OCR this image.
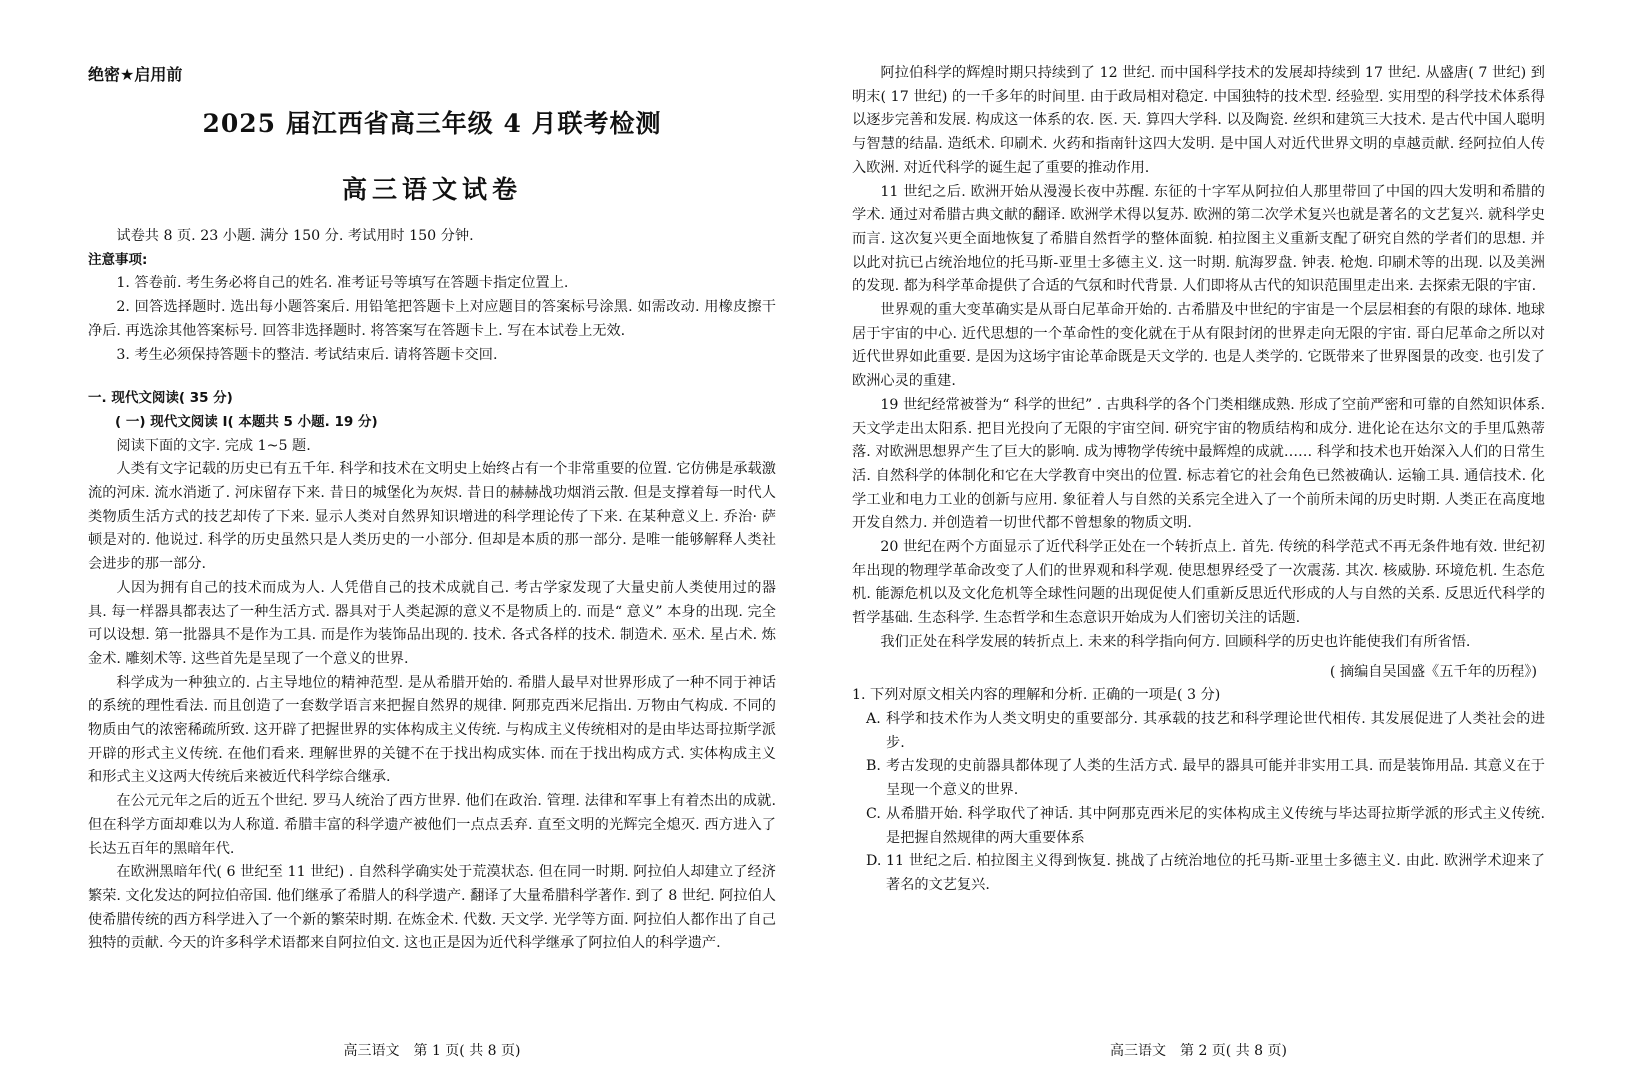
绝密★启用前
2025 届江西省高三年级 4 月联考检测
高三语文试卷

试卷共 8 页. 23 小题. 满分 150 分. 考试用时 150 分钟.

注意事项:

1. 答卷前. 考生务必将自己的姓名. 准考证号等填写在答题卡指定位置上.

2. 回答选择题时. 选出每小题答案后. 用铅笔把答题卡上对应题目的答案标号涂黑. 如需改动. 用橡皮擦干净后. 再选涂其他答案标号. 回答非选择题时. 将答案写在答题卡上. 写在本试卷上无效.

3. 考生必须保持答题卡的整洁. 考试结束后. 请将答题卡交回.

一. 现代文阅读( 35 分)

( 一) 现代文阅读 Ⅰ( 本题共 5 小题. 19 分)

阅读下面的文字. 完成 1~5 题.

人类有文字记载的历史已有五千年. 科学和技术在文明史上始终占有一个非常重要的位置. 它仿佛是承载激流的河床. 流水消逝了. 河床留存下来. 昔日的城堡化为灰烬. 昔日的赫赫战功烟消云散. 但是支撑着每一时代人类物质生活方式的技艺却传了下来. 显示人类对自然界知识增进的科学理论传了下来. 在某种意义上. 乔治· 萨顿是对的. 他说过. 科学的历史虽然只是人类历史的一小部分. 但却是本质的那一部分. 是唯一能够解释人类社会进步的那一部分.

人因为拥有自己的技术而成为人. 人凭借自己的技术成就自己. 考古学家发现了大量史前人类使用过的器具. 每一样器具都表达了一种生活方式. 器具对于人类起源的意义不是物质上的. 而是“ 意义” 本身的出现. 完全可以设想. 第一批器具不是作为工具. 而是作为装饰品出现的. 技术. 各式各样的技术. 制造术. 巫术. 星占术. 炼金术. 雕刻术等. 这些首先是呈现了一个意义的世界.

科学成为一种独立的. 占主导地位的精神范型. 是从希腊开始的. 希腊人最早对世界形成了一种不同于神话的系统的理性看法. 而且创造了一套数学语言来把握自然界的规律. 阿那克西米尼指出. 万物由气构成. 不同的物质由气的浓密稀疏所致. 这开辟了把握世界的实体构成主义传统. 与构成主义传统相对的是由毕达哥拉斯学派开辟的形式主义传统. 在他们看来. 理解世界的关键不在于找出构成实体. 而在于找出构成方式. 实体构成主义和形式主义这两大传统后来被近代科学综合继承.

在公元元年之后的近五个世纪. 罗马人统治了西方世界. 他们在政治. 管理. 法律和军事上有着杰出的成就. 但在科学方面却难以为人称道. 希腊丰富的科学遗产被他们一点点丢弃. 直至文明的光辉完全熄灭. 西方进入了长达五百年的黑暗年代.

在欧洲黑暗年代( 6 世纪至 11 世纪) . 自然科学确实处于荒漠状态. 但在同一时期. 阿拉伯人却建立了经济繁荣. 文化发达的阿拉伯帝国. 他们继承了希腊人的科学遗产. 翻译了大量希腊科学著作. 到了 8 世纪. 阿拉伯人使希腊传统的西方科学进入了一个新的繁荣时期. 在炼金术. 代数. 天文学. 光学等方面. 阿拉伯人都作出了自己独特的贡献. 今天的许多科学术语都来自阿拉伯文. 这也正是因为近代科学继承了阿拉伯人的科学遗产.

高三语文　第 1 页( 共 8 页)

阿拉伯科学的辉煌时期只持续到了 12 世纪. 而中国科学技术的发展却持续到 17 世纪. 从盛唐( 7 世纪) 到明末( 17 世纪) 的一千多年的时间里. 由于政局相对稳定. 中国独特的技术型. 经验型. 实用型的科学技术体系得以逐步完善和发展. 构成这一体系的农. 医. 天. 算四大学科. 以及陶瓷. 丝织和建筑三大技术. 是古代中国人聪明与智慧的结晶. 造纸术. 印刷术. 火药和指南针这四大发明. 是中国人对近代世界文明的卓越贡献. 经阿拉伯人传入欧洲. 对近代科学的诞生起了重要的推动作用.

11 世纪之后. 欧洲开始从漫漫长夜中苏醒. 东征的十字军从阿拉伯人那里带回了中国的四大发明和希腊的学术. 通过对希腊古典文献的翻译. 欧洲学术得以复苏. 欧洲的第二次学术复兴也就是著名的文艺复兴. 就科学史而言. 这次复兴更全面地恢复了希腊自然哲学的整体面貌. 柏拉图主义重新支配了研究自然的学者们的思想. 并以此对抗已占统治地位的托马斯-亚里士多德主义. 这一时期. 航海罗盘. 钟表. 枪炮. 印刷术等的出现. 以及美洲的发现. 都为科学革命提供了合适的气氛和时代背景. 人们即将从古代的知识范围里走出来. 去探索无限的宇宙.

世界观的重大变革确实是从哥白尼革命开始的. 古希腊及中世纪的宇宙是一个层层相套的有限的球体. 地球居于宇宙的中心. 近代思想的一个革命性的变化就在于从有限封闭的世界走向无限的宇宙. 哥白尼革命之所以对近代世界如此重要. 是因为这场宇宙论革命既是天文学的. 也是人类学的. 它既带来了世界图景的改变. 也引发了欧洲心灵的重建.

19 世纪经常被誉为“ 科学的世纪” . 古典科学的各个门类相继成熟. 形成了空前严密和可靠的自然知识体系. 天文学走出太阳系. 把目光投向了无限的宇宙空间. 研究宇宙的物质结构和成分. 进化论在达尔文的手里瓜熟蒂落. 对欧洲思想界产生了巨大的影响. 成为博物学传统中最辉煌的成就…… 科学和技术也开始深入人们的日常生活. 自然科学的体制化和它在大学教育中突出的位置. 标志着它的社会角色已然被确认. 运输工具. 通信技术. 化学工业和电力工业的创新与应用. 象征着人与自然的关系完全进入了一个前所未闻的历史时期. 人类正在高度地开发自然力. 并创造着一切世代都不曾想象的物质文明.

20 世纪在两个方面显示了近代科学正处在一个转折点上. 首先. 传统的科学范式不再无条件地有效. 世纪初年出现的物理学革命改变了人们的世界观和科学观. 使思想界经受了一次震荡. 其次. 核威胁. 环境危机. 生态危机. 能源危机以及文化危机等全球性问题的出现促使人们重新反思近代形成的人与自然的关系. 反思近代科学的哲学基础. 生态科学. 生态哲学和生态意识开始成为人们密切关注的话题.

我们正处在科学发展的转折点上. 未来的科学指向何方. 回顾科学的历史也许能使我们有所省悟.

( 摘编自吴国盛《五千年的历程》)

1. 下列对原文相关内容的理解和分析. 正确的一项是( 3 分)

A. 科学和技术作为人类文明史的重要部分. 其承载的技艺和科学理论世代相传. 其发展促进了人类社会的进步.
B. 考古发现的史前器具都体现了人类的生活方式. 最早的器具可能并非实用工具. 而是装饰用品. 其意义在于呈现一个意义的世界.
C. 从希腊开始. 科学取代了神话. 其中阿那克西米尼的实体构成主义传统与毕达哥拉斯学派的形式主义传统. 是把握自然规律的两大重要体系
D. 11 世纪之后. 柏拉图主义得到恢复. 挑战了占统治地位的托马斯-亚里士多德主义. 由此. 欧洲学术迎来了著名的文艺复兴.
高三语文　第 2 页( 共 8 页)
